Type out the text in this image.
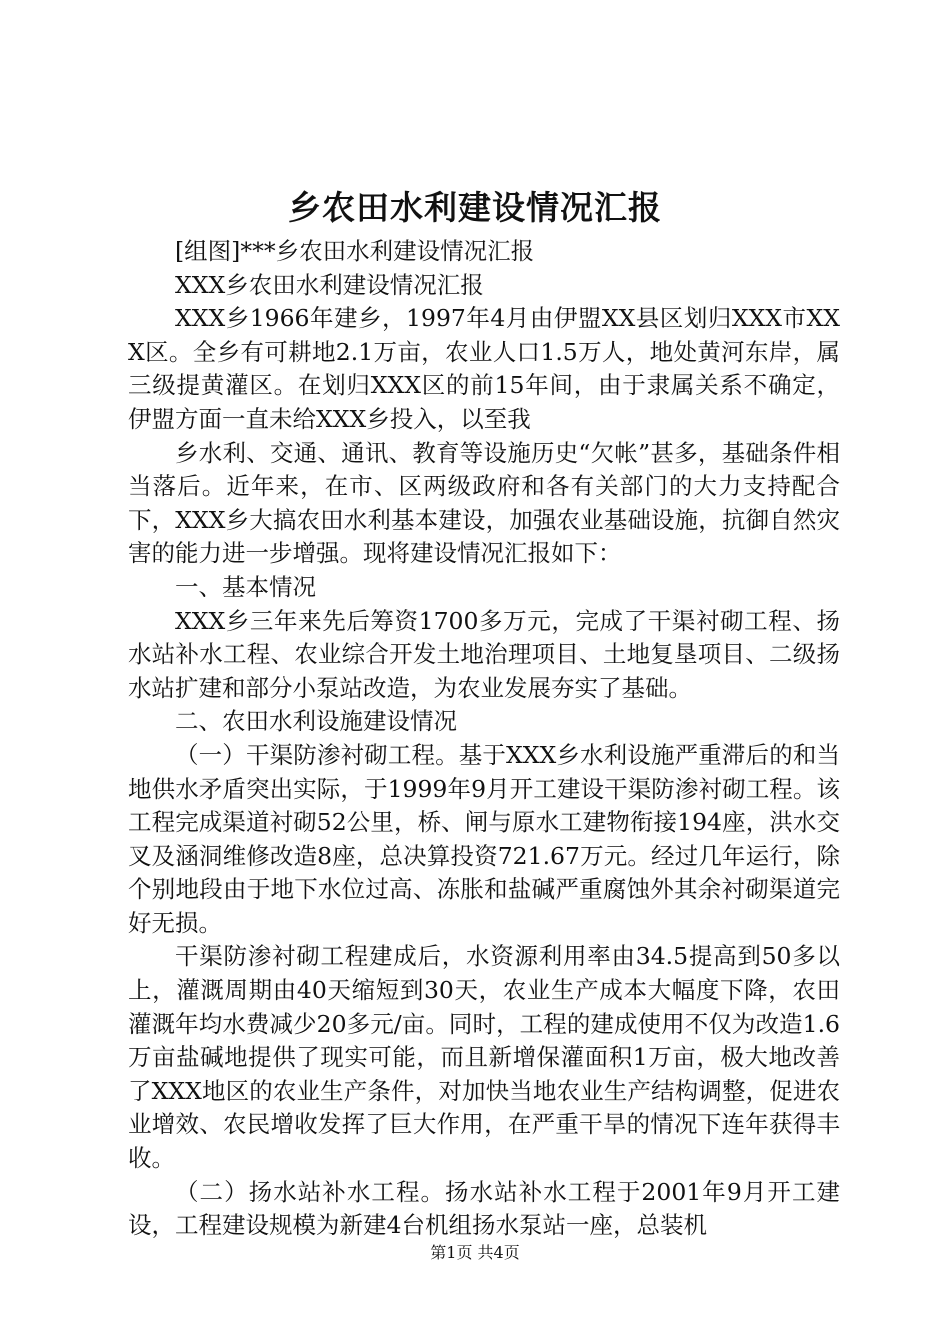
乡农田水利建设情况汇报

[组图]***乡农田水利建设情况汇报

XXX乡农田水利建设情况汇报

XXX乡1966年建乡，1997年4月由伊盟XX县区划归XXX市XXX区。全乡有可耕地2.1万亩，农业人口1.5万人，地处黄河东岸，属三级提黄灌区。在划归XXX区的前15年间，由于隶属关系不确定，伊盟方面一直未给XXX乡投入，以至我

乡水利、交通、通讯、教育等设施历史“欠帐”甚多，基础条件相当落后。近年来，在市、区两级政府和各有关部门的大力支持配合下，XXX乡大搞农田水利基本建设，加强农业基础设施，抗御自然灾害的能力进一步增强。现将建设情况汇报如下：

一、基本情况

XXX乡三年来先后筹资1700多万元，完成了干渠衬砌工程、扬水站补水工程、农业综合开发土地治理项目、土地复垦项目、二级扬水站扩建和部分小泵站改造，为农业发展夯实了基础。

二、农田水利设施建设情况

（一）干渠防渗衬砌工程。基于XXX乡水利设施严重滞后的和当地供水矛盾突出实际，于1999年9月开工建设干渠防渗衬砌工程。该工程完成渠道衬砌52公里，桥、闸与原水工建物衔接194座，洪水交叉及涵洞维修改造8座，总决算投资721.67万元。经过几年运行，除个别地段由于地下水位过高、冻胀和盐碱严重腐蚀外其余衬砌渠道完好无损。

干渠防渗衬砌工程建成后，水资源利用率由34.5提高到50多以上，灌溉周期由40天缩短到30天，农业生产成本大幅度下降，农田灌溉年均水费减少20多元/亩。同时，工程的建成使用不仅为改造1.6万亩盐碱地提供了现实可能，而且新增保灌面积1万亩，极大地改善了XXX地区的农业生产条件，对加快当地农业生产结构调整，促进农业增效、农民增收发挥了巨大作用，在严重干旱的情况下连年获得丰收。

（二）扬水站补水工程。扬水站补水工程于2001年9月开工建设，工程建设规模为新建4台机组扬水泵站一座，总装机

第1页 共4页
